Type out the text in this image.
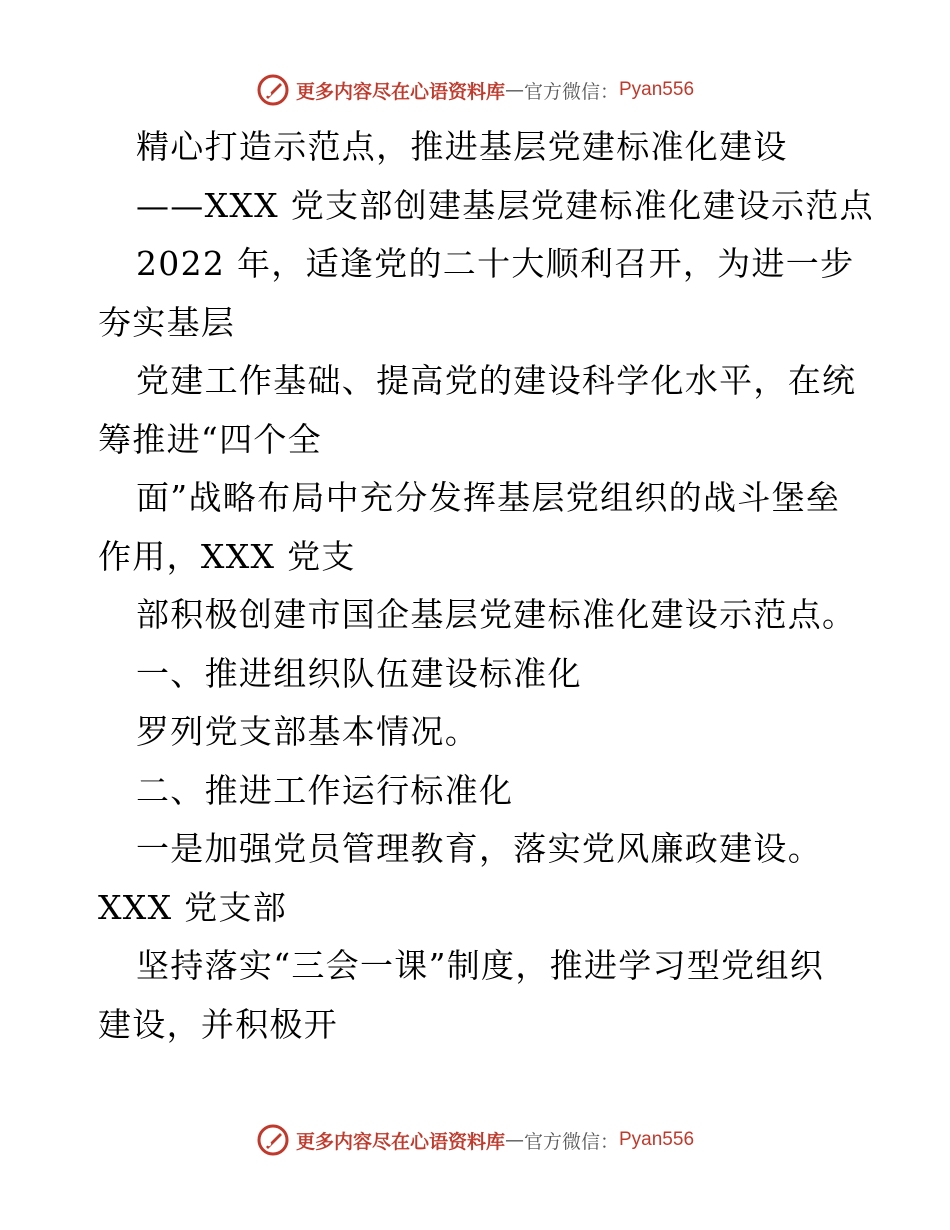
更多内容尽在心语资料库 — 官方微信： Pyan556
精心打造示范点，推进基层党建标准化建设
——XXX 党支部创建基层党建标准化建设示范点
2022 年，适逢党的二十大顺利召开，为进一步
夯实基层
党建工作基础、提高党的建设科学化水平，在统
筹推进“四个全
面”战略布局中充分发挥基层党组织的战斗堡垒
作用，XXX 党支
部积极创建市国企基层党建标准化建设示范点。
一、推进组织队伍建设标准化
罗列党支部基本情况。
二、推进工作运行标准化
一是加强党员管理教育，落实党风廉政建设。
XXX 党支部
坚持落实“三会一课”制度，推进学习型党组织
建设，并积极开
更多内容尽在心语资料库 — 官方微信： Pyan556
